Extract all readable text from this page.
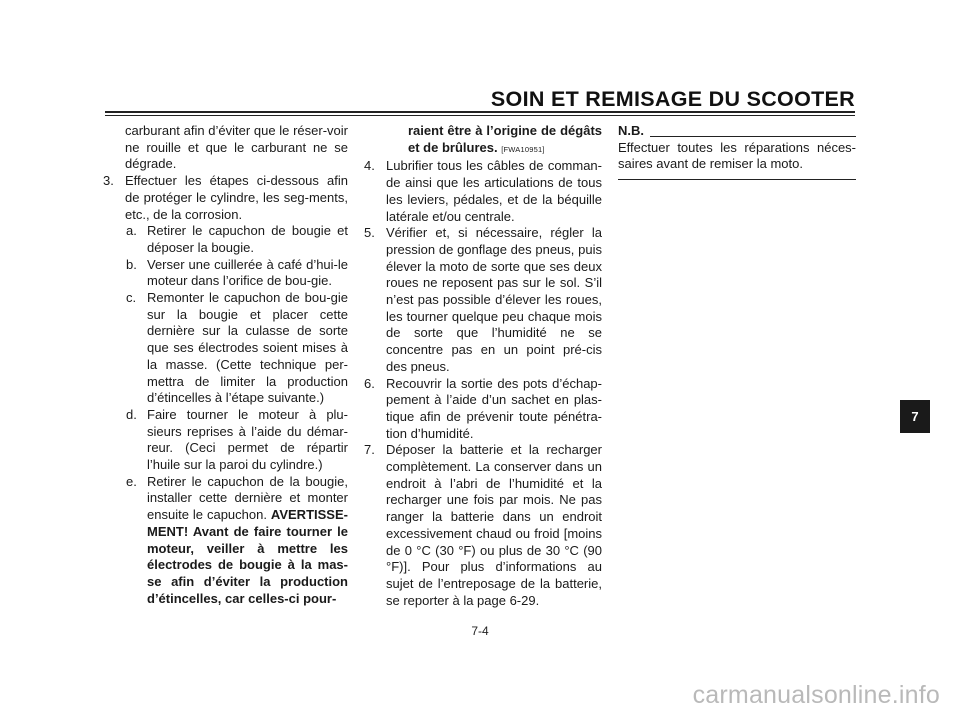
SOIN ET REMISAGE DU SCOOTER

carburant afin d’éviter que le réser-voir ne rouille et que le carburant ne se dégrade.

3. Effectuer les étapes ci-dessous afin de protéger le cylindre, les seg-ments, etc., de la corrosion.
a. Retirer le capuchon de bougie et déposer la bougie.
b. Verser une cuillerée à café d’hui-le moteur dans l’orifice de bou-gie.
c. Remonter le capuchon de bou-gie sur la bougie et placer cette dernière sur la culasse de sorte que ses électrodes soient mises à la masse. (Cette technique per-mettra de limiter la production d’étincelles à l’étape suivante.)
d. Faire tourner le moteur à plu-sieurs reprises à l’aide du démar-reur. (Ceci permet de répartir l’huile sur la paroi du cylindre.)
e. Retirer le capuchon de la bougie, installer cette dernière et monter ensuite le capuchon. AVERTISSE-MENT! Avant de faire tourner le moteur, veiller à mettre les électrodes de bougie à la mas-se afin d’éviter la production d’étincelles, car celles-ci pour-

raient être à l’origine de dégâts et de brûlures. [FWA10951]

4. Lubrifier tous les câbles de comman-de ainsi que les articulations de tous les leviers, pédales, et de la béquille latérale et/ou centrale.
5. Vérifier et, si nécessaire, régler la pression de gonflage des pneus, puis élever la moto de sorte que ses deux roues ne reposent pas sur le sol. S’il n’est pas possible d’élever les roues, les tourner quelque peu chaque mois de sorte que l’humidité ne se concentre pas en un point pré-cis des pneus.
6. Recouvrir la sortie des pots d’échap-pement à l’aide d’un sachet en plas-tique afin de prévenir toute pénétra-tion d’humidité.
7. Déposer la batterie et la recharger complètement. La conserver dans un endroit à l’abri de l’humidité et la recharger une fois par mois. Ne pas ranger la batterie dans un endroit excessivement chaud ou froid [moins de 0 °C (30 °F) ou plus de 30 °C (90 °F)]. Pour plus d’informations au sujet de l’entreposage de la batterie, se reporter à la page 6-29.
N.B.

Effectuer toutes les réparations néces-saires avant de remiser la moto.

7-4
7
carmanualsonline.info
